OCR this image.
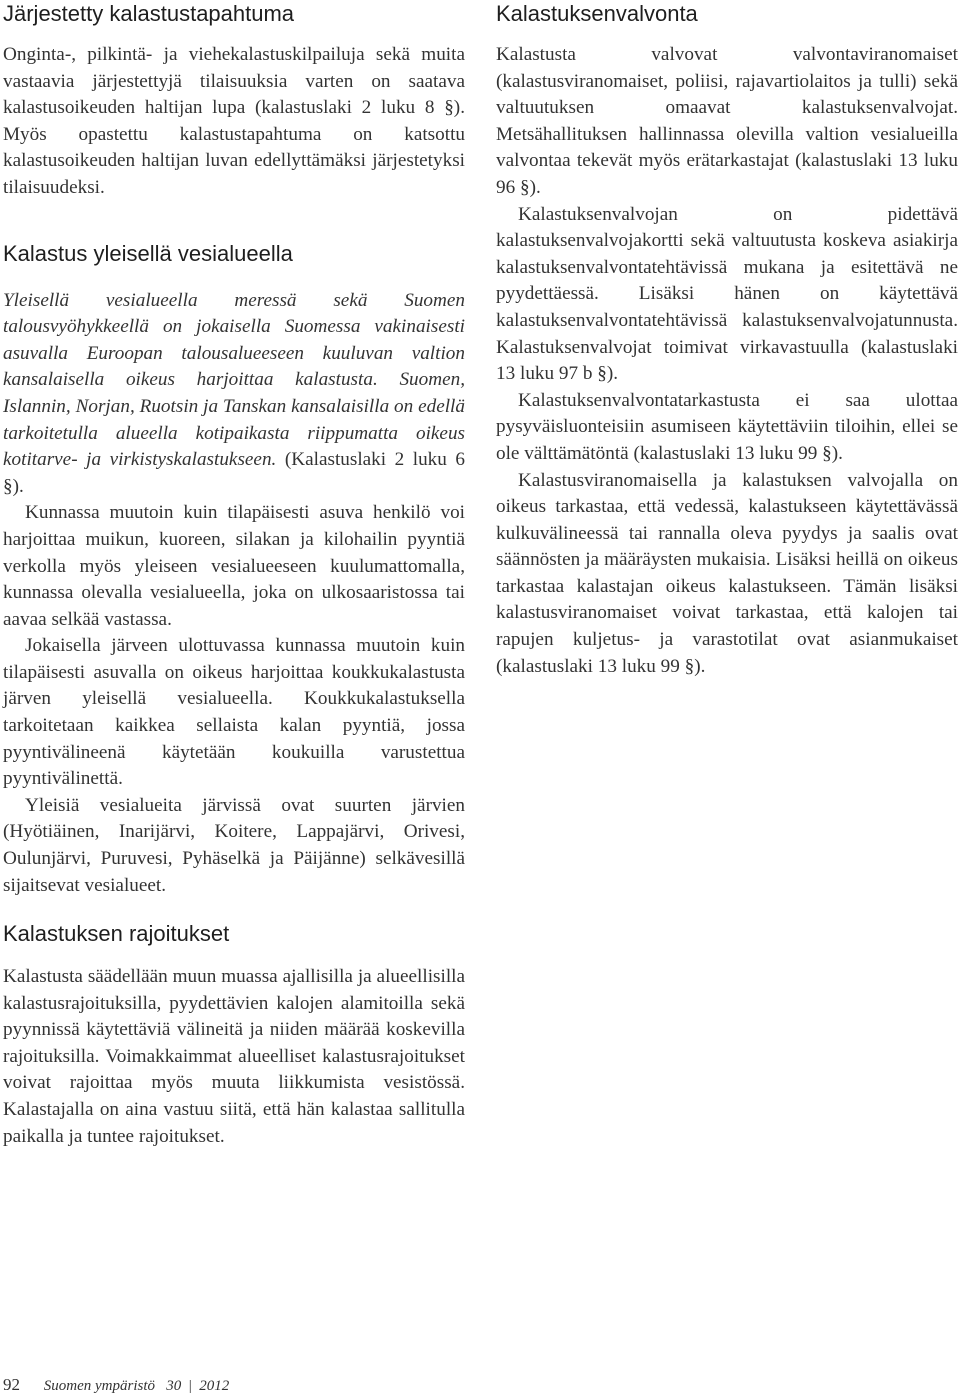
Järjestetty kalastustapahtuma

Onginta-, pilkintä- ja viehekalastuskilpailuja sekä muita vastaavia järjestettyjä tilaisuuksia varten on saatava kalastusoikeuden haltijan lupa (kalastuslaki 2 luku 8 §). Myös opastettu kalastustapahtuma on katsottu kalastusoikeuden haltijan luvan edellyttämäksi järjestetyksi tilaisuudeksi.

Kalastus yleisellä vesialueella

Yleisellä vesialueella meressä sekä Suomen talousvyöhykkeellä on jokaisella Suomessa vakinaisesti asuvalla Euroopan talousalueeseen kuuluvan valtion kansalaisella oikeus harjoittaa kalastusta. Suomen, Islannin, Norjan, Ruotsin ja Tanskan kansalaisilla on edellä tarkoitetulla alueella kotipaikasta riippumatta oikeus kotitarve- ja virkistyskalastukseen. (Kalastuslaki 2 luku 6 §).

Kunnassa muutoin kuin tilapäisesti asuva henkilö voi harjoittaa muikun, kuoreen, silakan ja kilohailin pyyntiä verkolla myös yleiseen vesialueeseen kuulumattomalla, kunnassa olevalla vesialueella, joka on ulkosaaristossa tai aavaa selkää vastassa.

Jokaisella järveen ulottuvassa kunnassa muutoin kuin tilapäisesti asuvalla on oikeus harjoittaa koukkukalastusta järven yleisellä vesialueella. Koukkukalastuksella tarkoitetaan kaikkea sellaista kalan pyyntiä, jossa pyyntivälineenä käytetään koukuilla varustettua pyyntivälinettä.

Yleisiä vesialueita järvissä ovat suurten järvien (Hyötiäinen, Inarijärvi, Koitere, Lappajärvi, Orivesi, Oulunjärvi, Puruvesi, Pyhäselkä ja Päijänne) selkävesillä sijaitsevat vesialueet.

Kalastuksen rajoitukset

Kalastusta säädellään muun muassa ajallisilla ja alueellisilla kalastusrajoituksilla, pyydettävien kalojen alamitoilla sekä pyynnissä käytettäviä välineitä ja niiden määrää koskevilla rajoituksilla. Voimakkaimmat alueelliset kalastusrajoitukset voivat rajoittaa myös muuta liikkumista vesistössä. Kalastajalla on aina vastuu siitä, että hän kalastaa sallitulla paikalla ja tuntee rajoitukset.

Kalastuksenvalvonta

Kalastusta valvovat valvontaviranomaiset (kalastusviranomaiset, poliisi, rajavartiolaitos ja tulli) sekä valtuutuksen omaavat kalastuksenvalvojat. Metsähallituksen hallinnassa olevilla valtion vesialueilla valvontaa tekevät myös erätarkastajat (kalastuslaki 13 luku 96 §).

Kalastuksenvalvojan on pidettävä kalastuksenvalvojakortti sekä valtuutusta koskeva asiakirja kalastuksenvalvontatehtävissä mukana ja esitettävä ne pyydettäessä. Lisäksi hänen on käytettävä kalastuksenvalvontatehtävissä kalastuksenvalvojatunnusta. Kalastuksenvalvojat toimivat virkavastuulla (kalastuslaki 13 luku 97 b §).

Kalastuksenvalvontatarkastusta ei saa ulottaa pysyväisluonteisiin asumiseen käytettäviin tiloihin, ellei se ole välttämätöntä (kalastuslaki 13 luku 99 §).

Kalastusviranomaisella ja kalastuksen valvojalla on oikeus tarkastaa, että vedessä, kalastukseen käytettävässä kulkuvälineessä tai rannalla oleva pyydys ja saalis ovat säännösten ja määräysten mukaisia. Lisäksi heillä on oikeus tarkastaa kalastajan oikeus kalastukseen. Tämän lisäksi kalastusviranomaiset voivat tarkastaa, että kalojen tai rapujen kuljetus- ja varastotilat ovat asianmukaiset (kalastuslaki 13 luku 99 §).

92 Suomen ympäristö 30  |  2012
